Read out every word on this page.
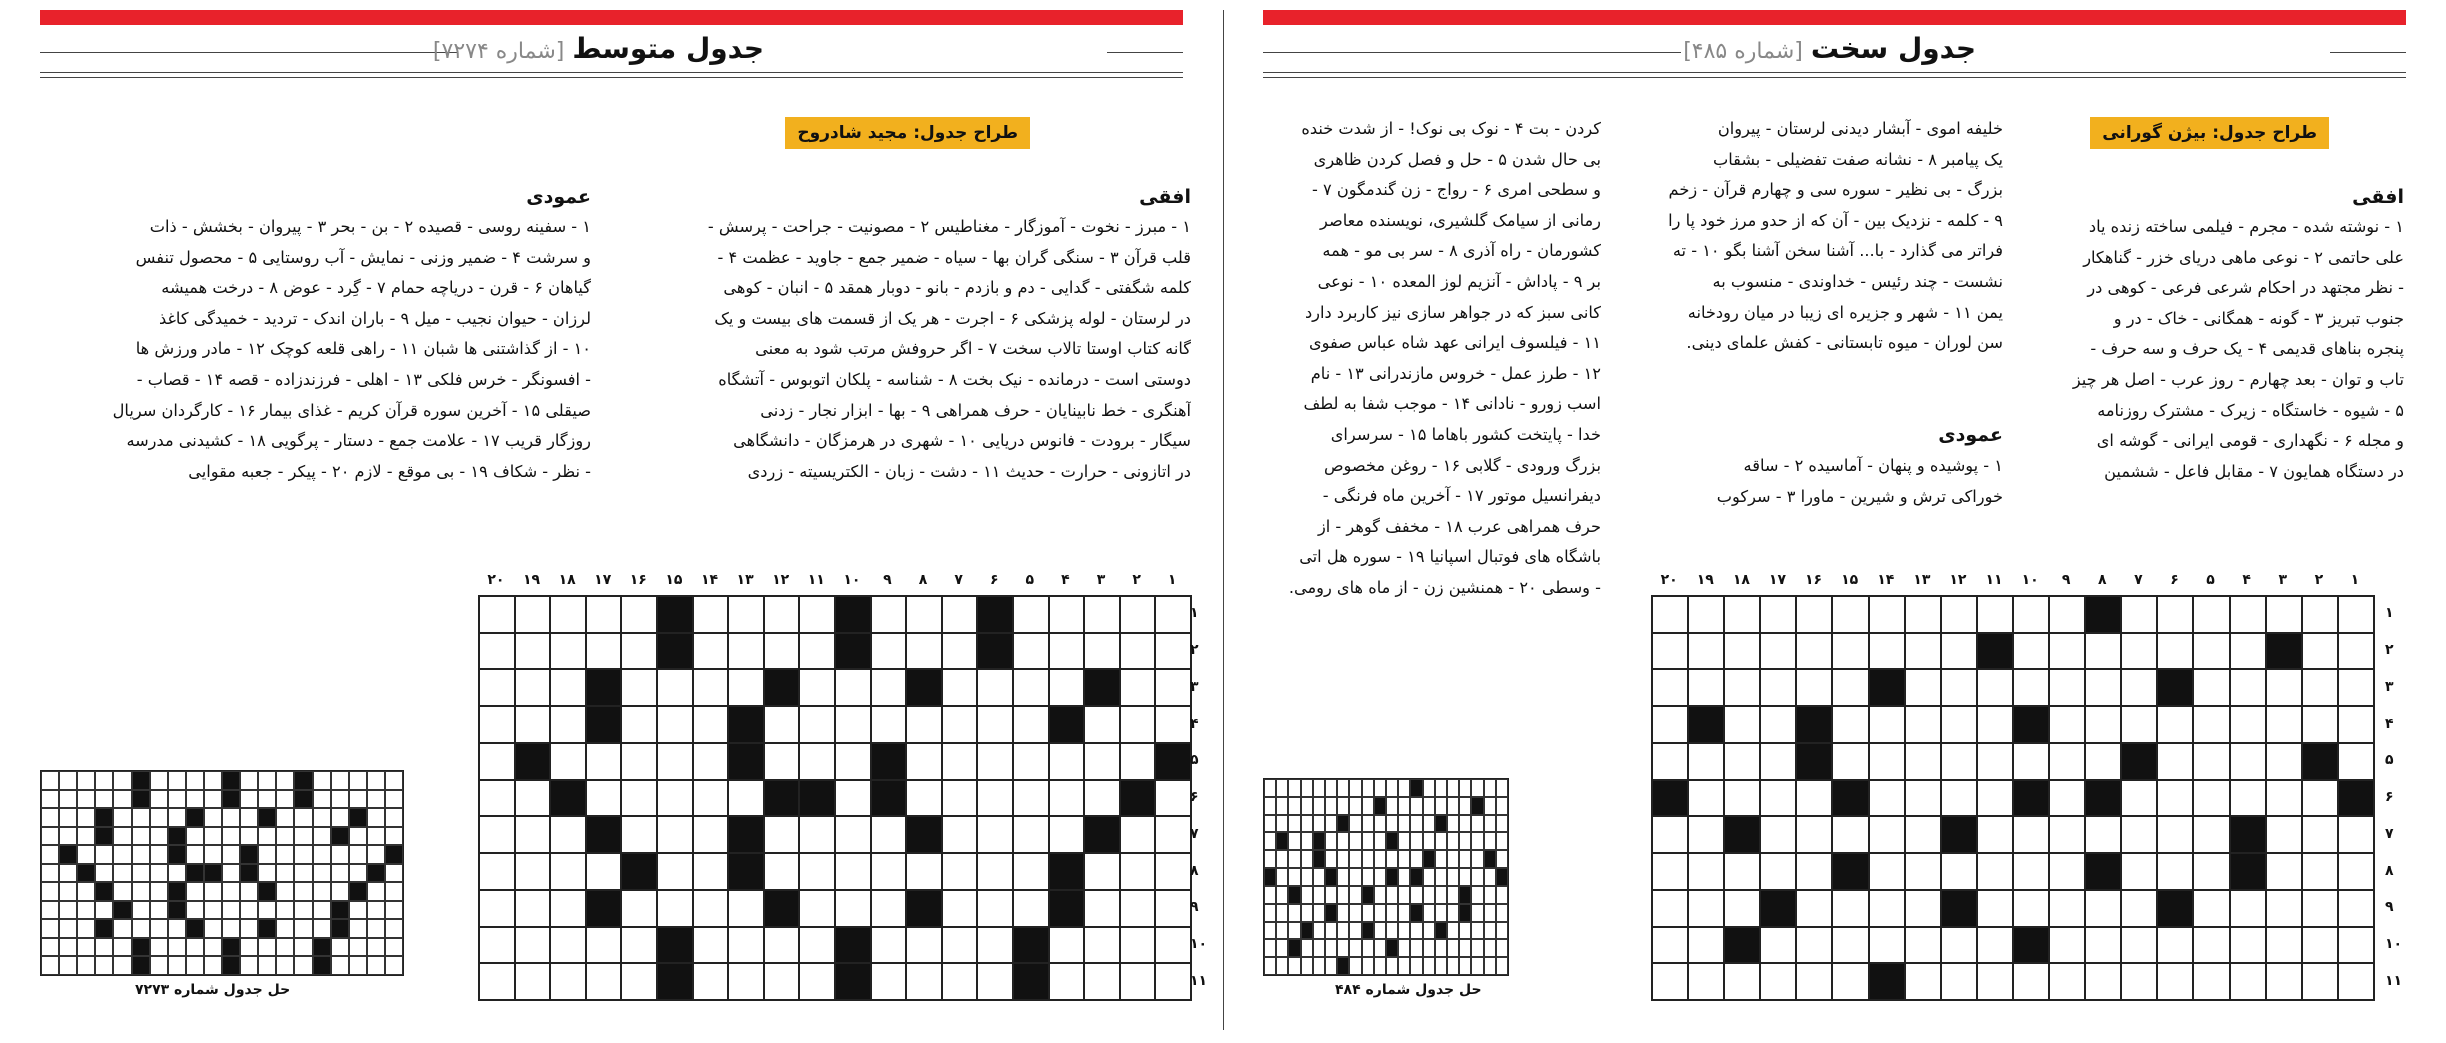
جدول سخت[شماره ۴۸۵]
طراح جدول: بیژن گورانی
افقی
۱ - نوشته شده - مجرم - فیلمی ساخته زنده یاد
علی حاتمی ۲ - نوعی ماهی دریای خزر - گناهکار
- نظر مجتهد در احکام شرعی فرعی - کوهی در
جنوب تبریز ۳ - گونه - همگانی - خاک - در و
پنجره بناهای قدیمی ۴ - یک حرف و سه حرف -
تاب و توان - بعد چهارم - روز عرب - اصل هر چیز
۵ - شیوه - خاستگاه - زیرک - مشترک روزنامه
و مجله ۶ - نگهداری - قومی ایرانی - گوشه ای
در دستگاه همایون ۷ - مقابل فاعل - ششمین
خلیفه اموی - آبشار دیدنی لرستان - پیروان
یک پیامبر ۸ - نشانه صفت تفضیلی - بشقاب
بزرگ - بی نظیر - سوره سی و چهارم قرآن - زخم
۹ - کلمه - نزدیک بین - آن که از حدو مرز خود پا را
فراتر می گذارد - با... آشنا سخن آشنا بگو ۱۰ - ته
نشست - چند رئیس - خداوندی - منسوب به
یمن ۱۱ - شهر و جزیره ای زیبا در میان رودخانه
سن لوران - میوه تابستانی - کفش علمای دینی.
عمودی
۱ - پوشیده و پنهان - آماسیده ۲ - ساقه
خوراکی ترش و شیرین - ماورا ۳ - سرکوب
کردن - بت ۴ - نوک بی نوک! - از شدت خنده
بی حال شدن ۵ - حل و فصل کردن ظاهری
و سطحی امری ۶ - رواج - زن گندمگون ۷ -
رمانی از سیامک گلشیری، نویسنده معاصر
کشورمان - راه آذری ۸ - سر بی مو - همه
بر ۹ - پاداش - آنزیم لوز المعده ۱۰ - نوعی
کانی سبز که در جواهر سازی نیز کاربرد دارد
۱۱ - فیلسوف ایرانی عهد شاه عباس صفوی
۱۲ - طرز عمل - خروس مازندرانی ۱۳ - نام
اسب زورو - نادانی ۱۴ - موجب شفا به لطف
خدا - پایتخت کشور باهاما ۱۵ - سرسرای
بزرگ ورودی - گلابی ۱۶ - روغن مخصوص
دیفرانسیل موتور ۱۷ - آخرین ماه فرنگی -
حرف همراهی عرب ۱۸ - مخفف گوهر - از
باشگاه های فوتبال اسپانیا ۱۹ - سوره هل اتی
- وسطی ۲۰ - همنشین زن - از ماه های رومی.	۱
۲
۳
۴
۵
۶
۷
۸
۹
۱۰
۱۱
۱۲
۱۳
۱۴
۱۵
۱۶
۱۷
۱۸
۱۹
۲۰
۱
۲
۳
۴
۵
۶
۷
۸
۹
۱۰
۱۱
حل جدول شماره ۴۸۴
جدول متوسط[شماره ۷۲۷۴]
طراح جدول: مجید شادروح
افقی
۱ - مبرز - نخوت - آموزگار - مغناطیس ۲ - مصونیت - جراحت - پرسش -
قلب قرآن ۳ - سنگی گران بها - سیاه - ضمیر جمع - جاوید - عظمت ۴ -
کلمه شگفتی - گدایی - دم و بازدم - بانو - دوبار همقد ۵ - انبان - کوهی
در لرستان - لوله پزشکی ۶ - اجرت - هر یک از قسمت های بیست و یک
گانه کتاب اوستا تالاب سخت ۷ - اگر حروفش مرتب شود به معنی
دوستی است - درمانده - نیک بخت ۸ - شناسه - پلکان اتوبوس - آتشگاه
آهنگری - خط نابینایان - حرف همراهی ۹ - بها - ابزار نجار - زدنی
سیگار - برودت - فانوس دریایی ۱۰ - شهری در هرمزگان - دانشگاهی
در اتازونی - حرارت - حدیث ۱۱ - دشت - زبان - الکتریسیته - زردی
عمودی
۱ - سفینه روسی - قصیده ۲ - بن - بحر ۳ - پیروان - بخشش - ذات
و سرشت ۴ - ضمیر وزنی - نمایش - آب روستایی ۵ - محصول تنفس
گیاهان ۶ - قرن - دریاچه حمام ۷ - گِرد - عوض ۸ - درخت همیشه
لرزان - حیوان نجیب - میل ۹ - باران اندک - تردید - خمیدگی کاغذ
۱۰ - از گذاشتنی ها شبان ۱۱ - راهی قلعه کوچک ۱۲ - مادر ورزش ها
- افسونگر - خرس فلکی ۱۳ - اهلی - فرزندزاده - قصه ۱۴ - قصاب -
صیقلی ۱۵ - آخرین سوره قرآن کریم - غذای بیمار ۱۶ - کارگردان سریال
روزگار قریب ۱۷ - علامت جمع - دستار - پرگویی ۱۸ - کشیدنی مدرسه
- نظر - شکاف ۱۹ - بی موقع - لازم ۲۰ - پیکر - جعبه مقوایی
۱
۲
۳
۴
۵
۶
۷
۸
۹
۱۰
۱۱
۱۲
۱۳
۱۴
۱۵
۱۶
۱۷
۱۸
۱۹
۲۰
۱
۲
۳
۴
۵
۶
۷
۸
۹
۱۰
۱۱
حل جدول شماره ۷۲۷۳
